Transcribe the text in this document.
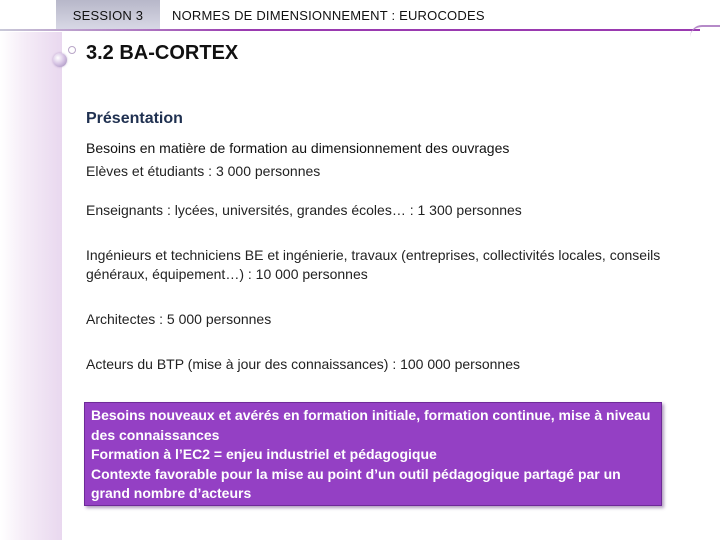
SESSION 3 NORMES DE DIMENSIONNEMENT : EUROCODES
3.2 BA-CORTEX
Présentation
Besoins en matière de formation au dimensionnement des ouvrages
Elèves et étudiants : 3 000 personnes
Enseignants : lycées, universités, grandes écoles… : 1 300 personnes
Ingénieurs et techniciens BE et ingénierie, travaux (entreprises, collectivités locales, conseils généraux, équipement…) : 10 000 personnes
Architectes : 5 000 personnes
Acteurs du BTP (mise à jour des connaissances) : 100 000 personnes
Besoins nouveaux et avérés en formation initiale, formation continue, mise à niveau des connaissances
Formation à l’EC2 = enjeu industriel et pédagogique
Contexte favorable pour la mise au point d’un outil pédagogique partagé par un grand nombre d’acteurs
